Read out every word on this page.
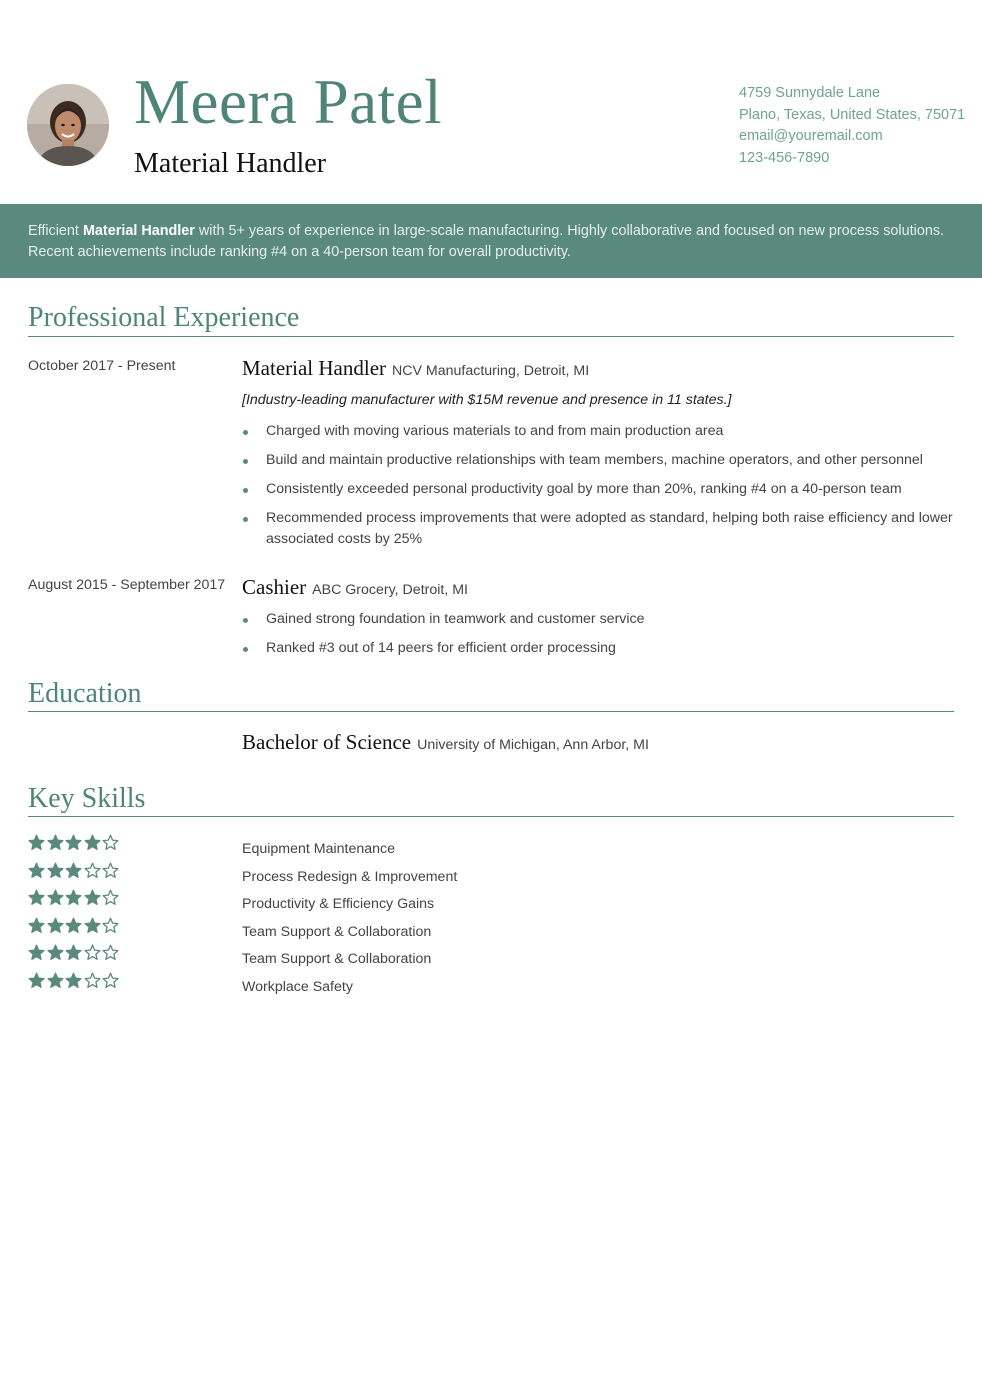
Meera Patel
Material Handler
4759 Sunnydale Lane
Plano, Texas, United States, 75071
email@youremail.com
123-456-7890
Efficient Material Handler with 5+ years of experience in large-scale manufacturing. Highly collaborative and focused on new process solutions.
Recent achievements include ranking #4 on a 40-person team for overall productivity.
Professional Experience
October 2017 - Present	Material Handler NCV Manufacturing, Detroit, MI
[Industry-leading manufacturer with $15M revenue and presence in 11 states.]
Charged with moving various materials to and from main production area
Build and maintain productive relationships with team members, machine operators, and other personnel
Consistently exceeded personal productivity goal by more than 20%, ranking #4 on a 40-person team
Recommended process improvements that were adopted as standard, helping both raise efficiency and lower associated costs by 25%
August 2015 - September 2017 Cashier ABC Grocery, Detroit, MI
Gained strong foundation in teamwork and customer service
Ranked #3 out of 14 peers for efficient order processing
Education
Bachelor of Science University of Michigan, Ann Arbor, MI
Key Skills
Equipment Maintenance
Process Redesign & Improvement
Productivity & Efficiency Gains
Team Support & Collaboration
Team Support & Collaboration
Workplace Safety
